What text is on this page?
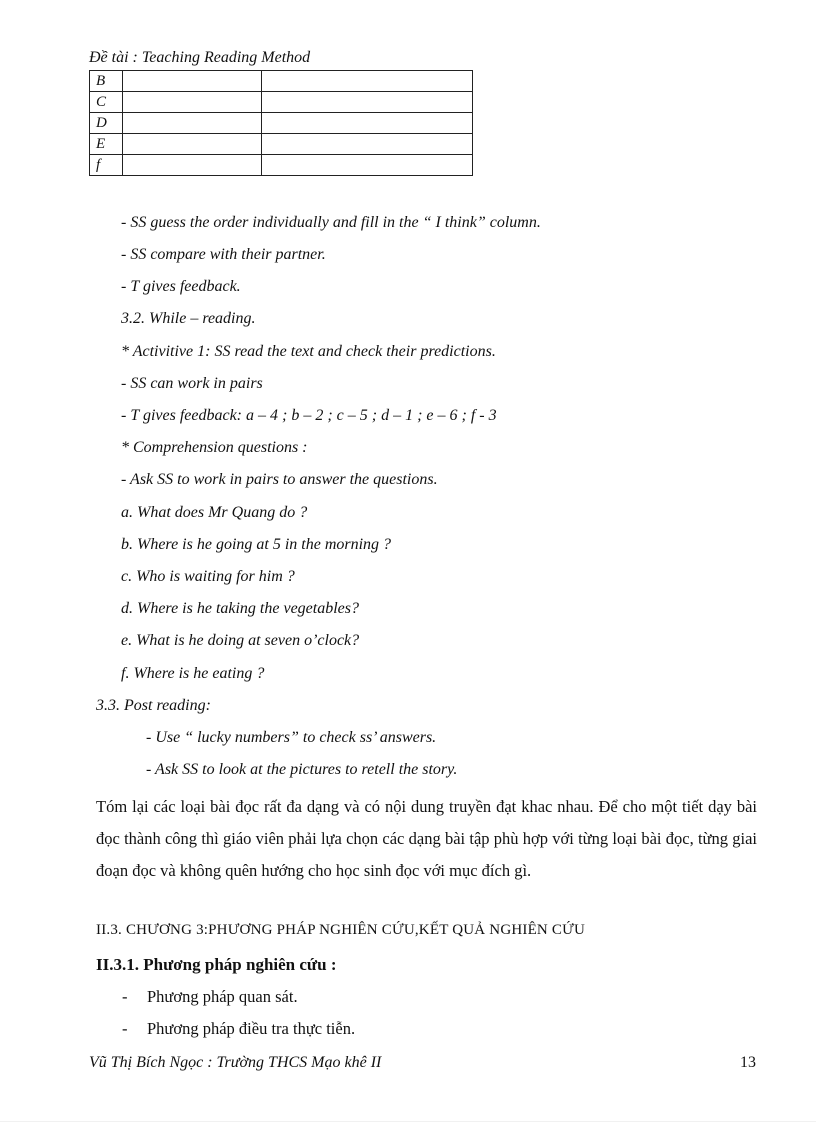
Đề tài : Teaching Reading Method
B		
C		
D		
E		
f		
- SS guess the order individually and fill in the “ I think” column.
- SS compare with their partner.
- T gives feedback.
3.2. While – reading.
* Activitive 1: SS read the text and check their predictions.
- SS can work in pairs
- T gives feedback: a – 4 ; b – 2 ; c – 5 ; d – 1 ; e – 6 ; f - 3
* Comprehension questions :
- Ask SS to work in pairs to answer the questions.
a. What does Mr Quang do ?
b. Where is he going at 5 in the morning ?
c. Who is waiting for him ?
d. Where is he taking the vegetables?
e. What is he doing at seven o’clock?
f. Where is he eating ?
3.3. Post reading:
- Use “ lucky numbers” to check ss’ answers.
- Ask SS to look at the pictures to retell the story.
Tóm lại các loại bài đọc rất đa dạng và có nội dung truyền đạt khac nhau. Để cho một tiết dạy bài đọc thành công thì giáo viên phải lựa chọn các dạng bài tập phù hợp với từng loại bài đọc, từng giai đoạn đọc và không quên hướng cho học sinh đọc với mục đích gì.
II.3. CHƯƠNG 3:PHƯƠNG PHÁP NGHIÊN CỨU,KẾT QUẢ NGHIÊN CỨU
II.3.1. Phương pháp nghiên cứu :
- Phương pháp quan sát.
- Phương pháp điều tra thực tiễn.
Vũ Thị Bích Ngọc : Trường THCS Mạo khê II	13
